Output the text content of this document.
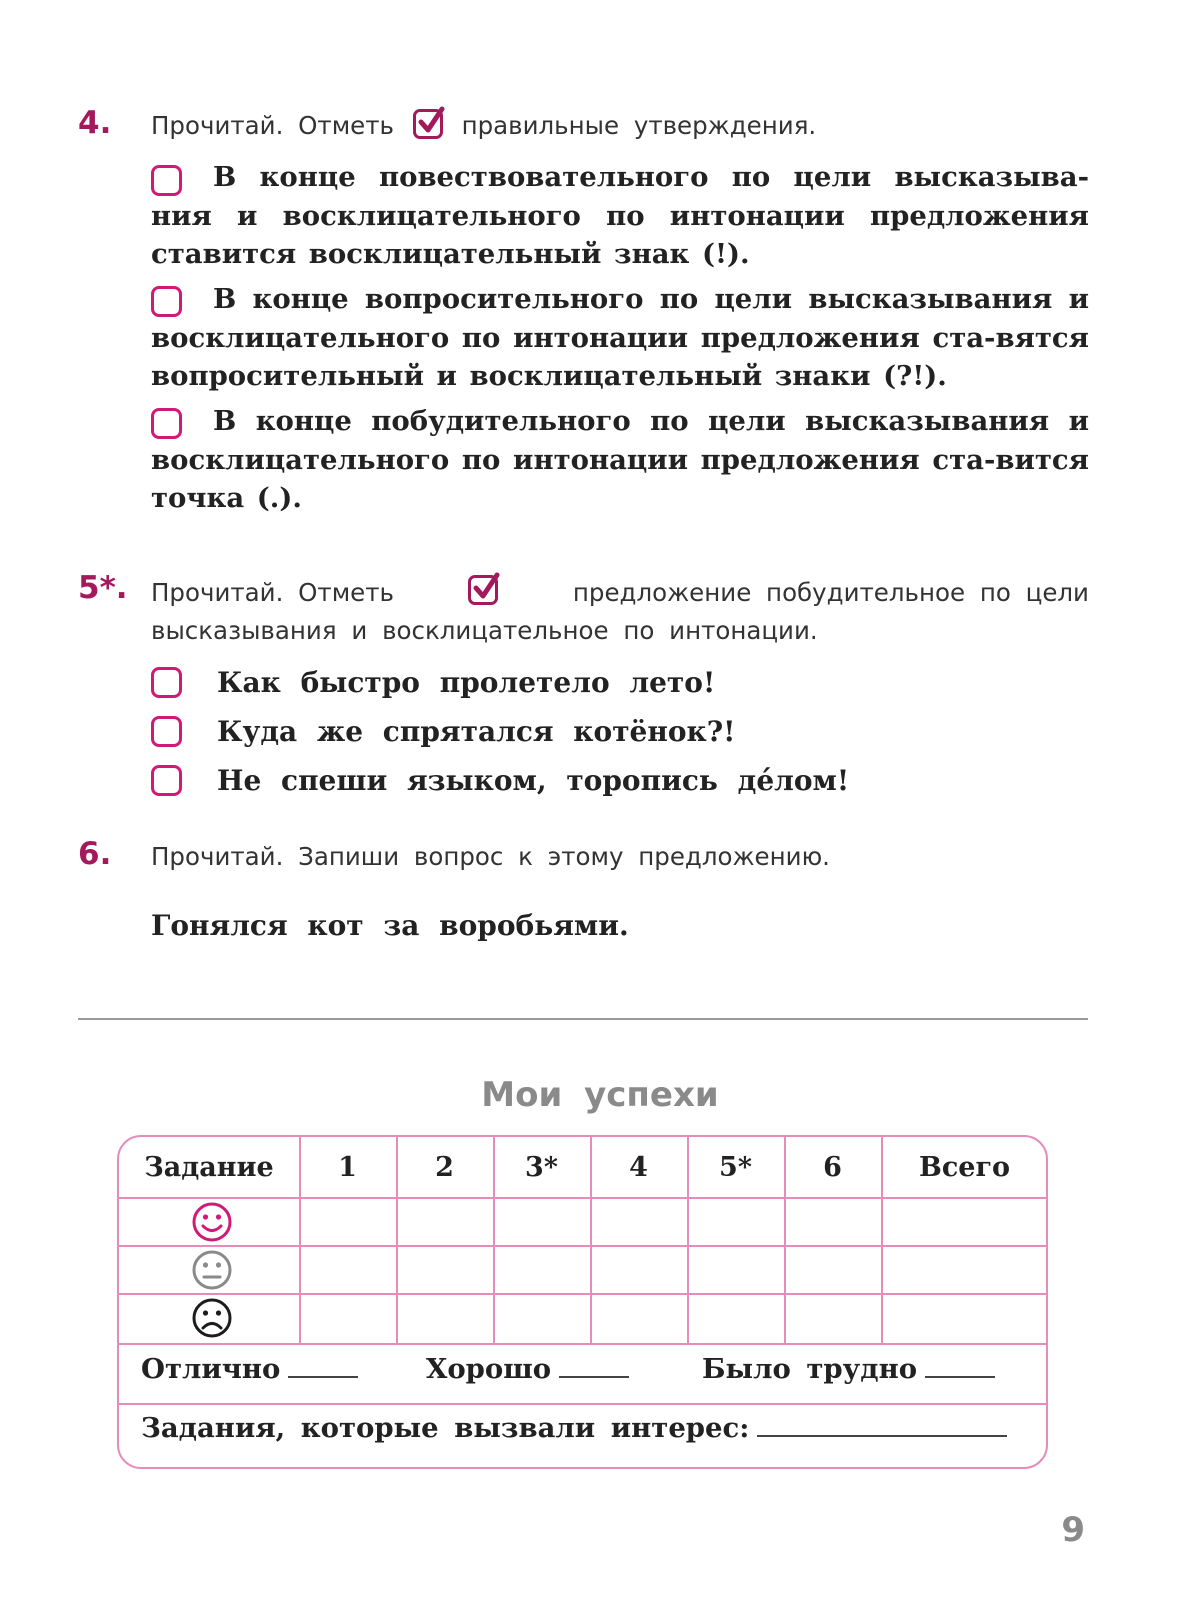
4. Прочитай. Отметь	правильные утверждения.
В конце повествовательного по цели высказыва- ния и восклицательного по интонации предложения ставится восклицательный знак (!).
В конце вопросительного по цели высказывания и восклицательного по интонации предложения ста-вятся вопросительный и восклицательный знаки (?!).
В конце побудительного по цели высказывания и восклицательного по интонации предложения ста-вится точка (.).
5*. Прочитай. Отметь	предложение побудительное по цели
высказывания и восклицательное по интонации.
Как быстро пролетело лето!
Куда же спрятался котёнок?!
Не спеши языком, торопись де́лом!
6. Прочитай. Запиши вопрос к этому предложению.
Гонялся кот за воробьями.
Мои успехи
Задание	1	2	3*	4	5*	6	Всего
Отлично	Хорошо	Было трудно
Задания, которые вызвали интерес:
9
